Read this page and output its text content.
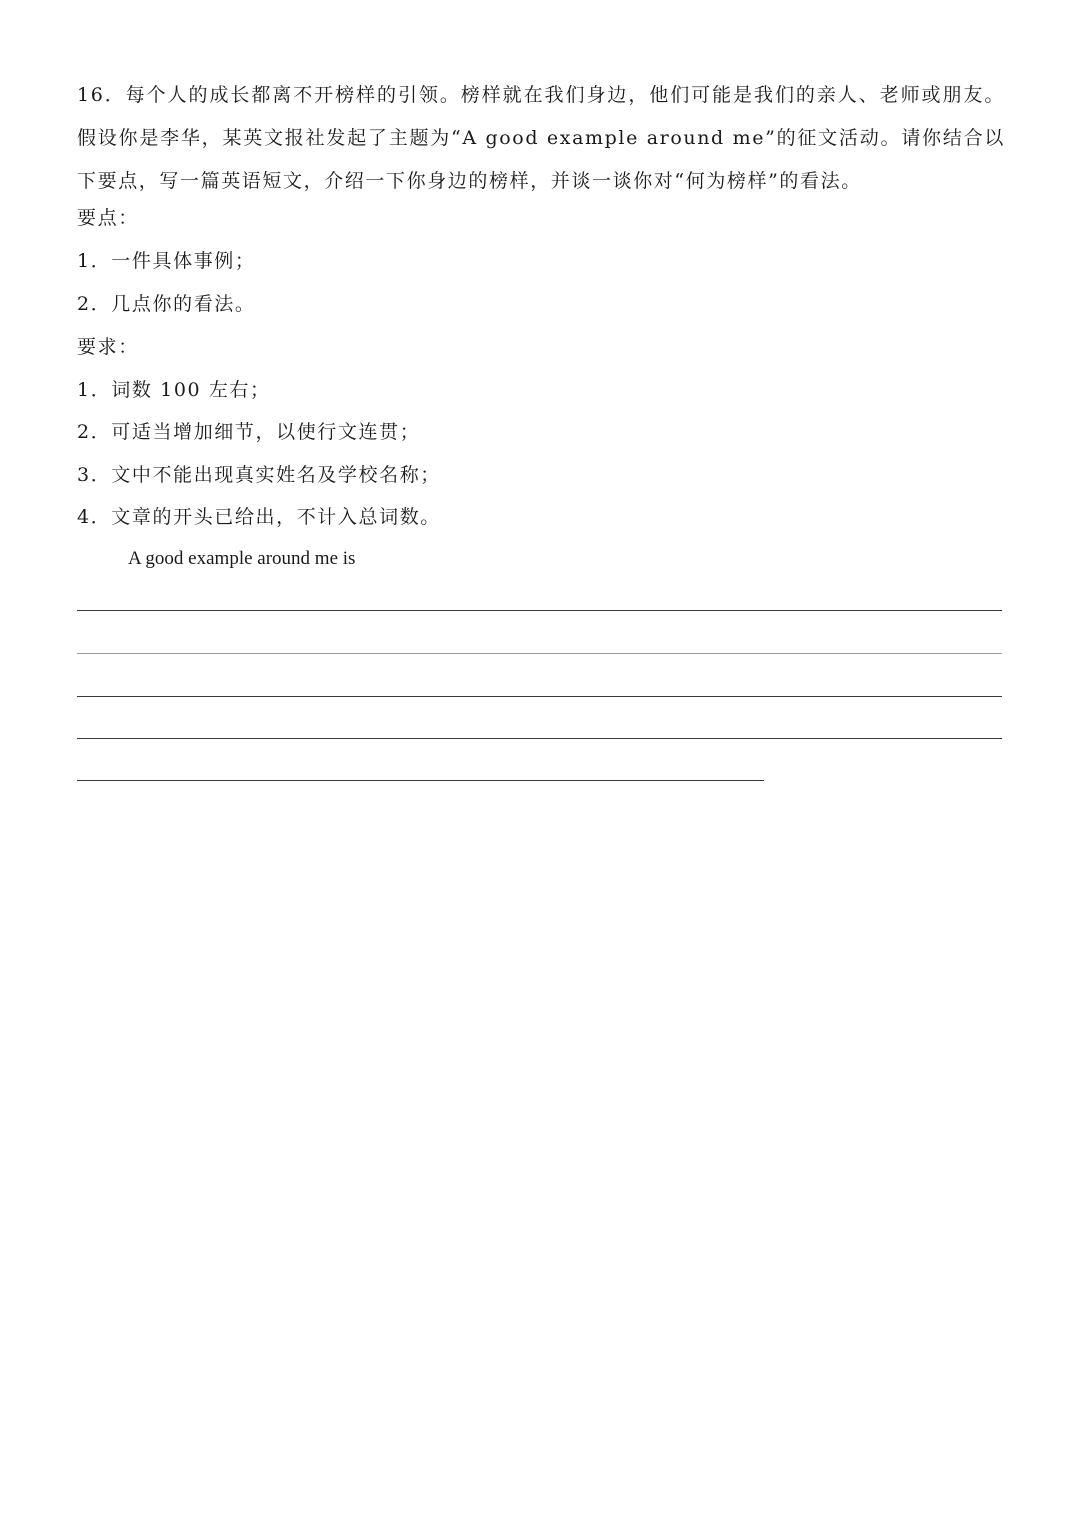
16．每个人的成长都离不开榜样的引领。榜样就在我们身边，他们可能是我们的亲人、老师或朋友。假设你是李华，某英文报社发起了主题为“A good example around me”的征文活动。请你结合以下要点，写一篇英语短文，介绍一下你身边的榜样，并谈一谈你对“何为榜样”的看法。
要点：
1．一件具体事例；
2．几点你的看法。
要求：
1．词数 100 左右；
2．可适当增加细节，以使行文连贯；
3．文中不能出现真实姓名及学校名称；
4．文章的开头已给出，不计入总词数。
A good example around me is
